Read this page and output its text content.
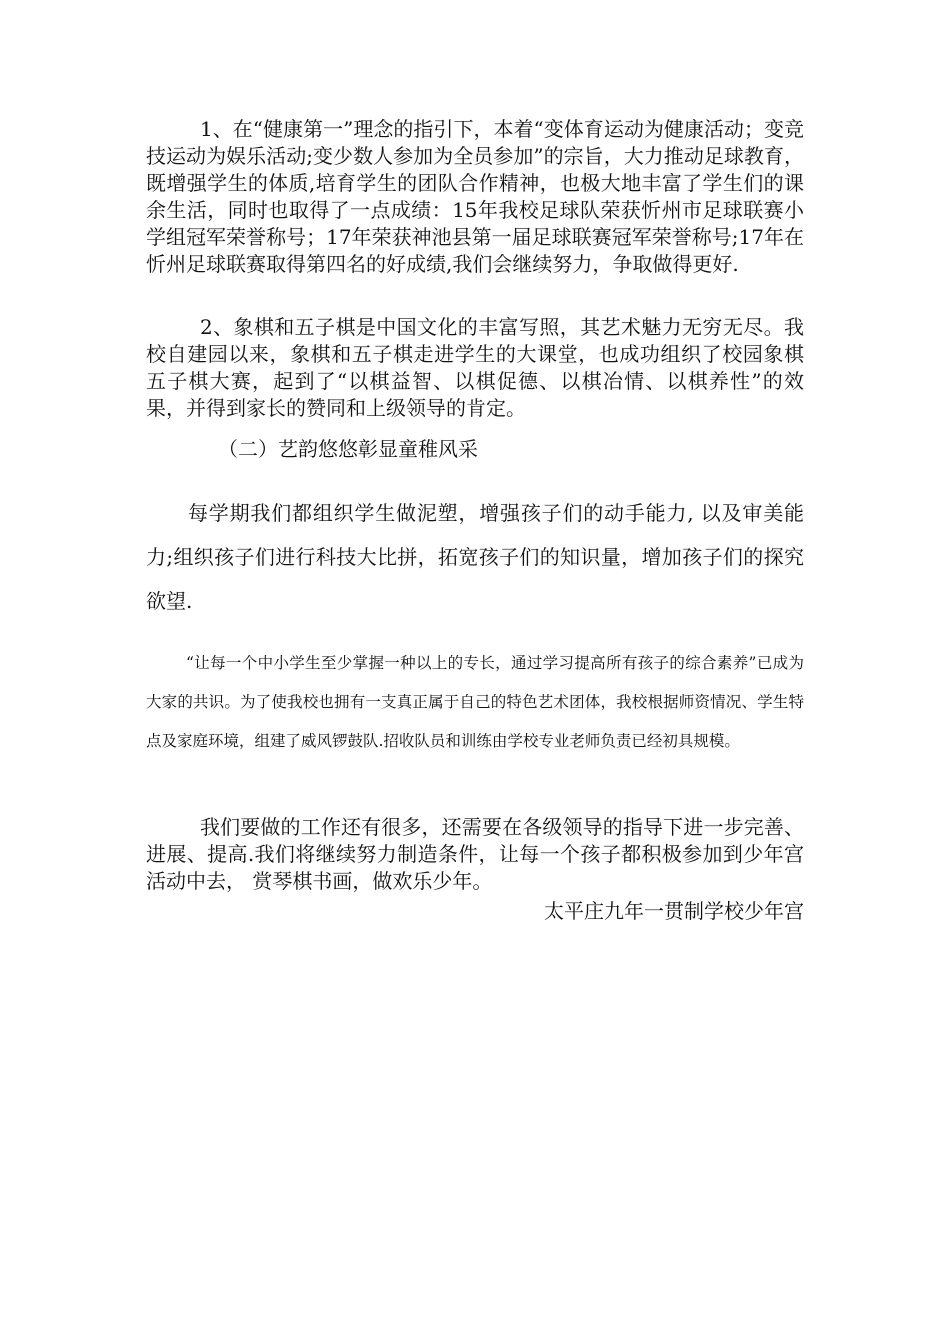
1、在“健康第一”理念的指引下，本着“变体育运动为健康活动；变竞技运动为娱乐活动;变少数人参加为全员参加”的宗旨，大力推动足球教育，既增强学生的体质,培育学生的团队合作精神，也极大地丰富了学生们的课余生活，同时也取得了一点成绩：15年我校足球队荣获忻州市足球联赛小学组冠军荣誉称号；17年荣获神池县第一届足球联赛冠军荣誉称号;17年在忻州足球联赛取得第四名的好成绩,我们会继续努力，争取做得更好.

2、象棋和五子棋是中国文化的丰富写照，其艺术魅力无穷无尽。我校自建园以来，象棋和五子棋走进学生的大课堂，也成功组织了校园象棋五子棋大赛，起到了“以棋益智、以棋促德、以棋冶情、以棋养性”的效果，并得到家长的赞同和上级领导的肯定。

（二）艺韵悠悠彰显童稚风采

每学期我们都组织学生做泥塑，增强孩子们的动手能力, 以及审美能力;组织孩子们进行科技大比拼，拓宽孩子们的知识量，增加孩子们的探究欲望.

“让每一个中小学生至少掌握一种以上的专长，通过学习提高所有孩子的综合素养”已成为大家的共识。为了使我校也拥有一支真正属于自己的特色艺术团体，我校根据师资情况、学生特点及家庭环境，组建了威风锣鼓队.招收队员和训练由学校专业老师负责已经初具规模。

我们要做的工作还有很多，还需要在各级领导的指导下进一步完善、进展、提高.我们将继续努力制造条件，让每一个孩子都积极参加到少年宫活动中去， 赏琴棋书画，做欢乐少年。

太平庄九年一贯制学校少年宫
